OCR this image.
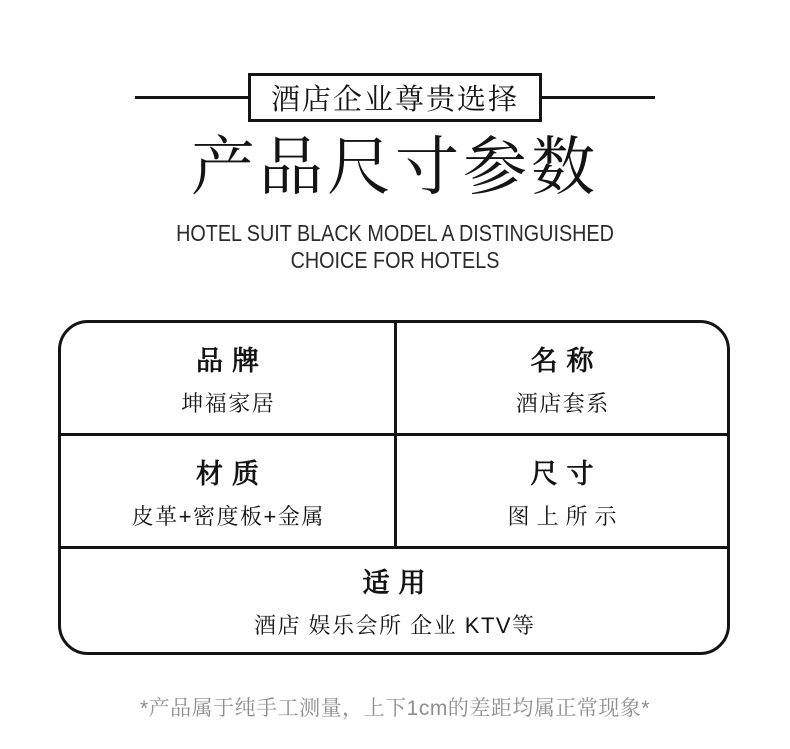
酒店企业尊贵选择
产品尺寸参数

HOTEL SUIT BLACK MODEL A DISTINGUISHED
CHOICE FOR HOTELS

品牌
坤福家居
名称
酒店套系
材质
皮革+密度板+金属
尺寸
图上所示
适用
酒店 娱乐会所 企业 KTV等

*产品属于纯手工测量，上下1cm的差距均属正常现象*
